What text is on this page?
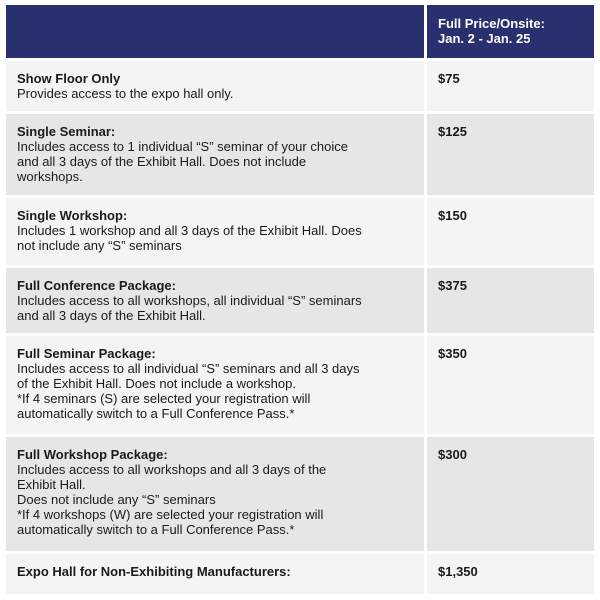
Full Price/Onsite:
Jan. 2 - Jan. 25
Show Floor Only
Provides access to the expo hall only.
$75
Single Seminar:
Includes access to 1 individual “S” seminar of your choice
and all 3 days of the Exhibit Hall. Does not include
workshops.
$125
Single Workshop:
Includes 1 workshop and all 3 days of the Exhibit Hall. Does
not include any “S” seminars
$150
Full Conference Package:
Includes access to all workshops, all individual “S” seminars
and all 3 days of the Exhibit Hall.
$375
Full Seminar Package:
Includes access to all individual “S” seminars and all 3 days
of the Exhibit Hall. Does not include a workshop.
*If 4 seminars (S) are selected your registration will
automatically switch to a Full Conference Pass.*
$350
Full Workshop Package:
Includes access to all workshops and all 3 days of the
Exhibit Hall.
Does not include any “S” seminars
*If 4 workshops (W) are selected your registration will
automatically switch to a Full Conference Pass.*
$300
Expo Hall for Non-Exhibiting Manufacturers:	$1,350
